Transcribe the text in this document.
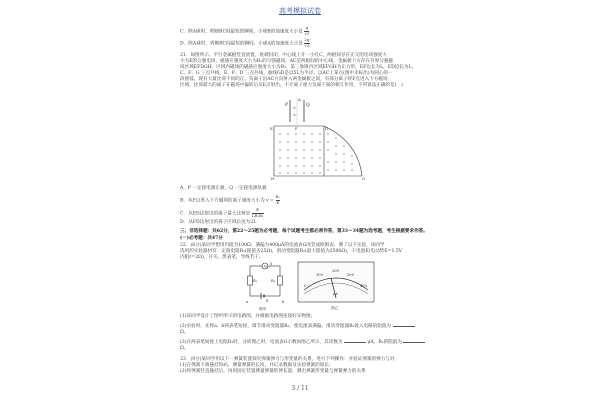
高考模拟试卷
C．除A球时，剪断BC间最短的瞬间，小球B的加速度大小是 $\frac{g}{√3}$
D．除A球时，剪断BC间最短的瞬间，小球A的加速度大小是 $\frac{2g}{√3}$
21．如图所示，平行金属板竖直放置，底端封闭，中心线上开一小孔C，两板间存在正交的电场强度大
小为E的匀强电场，磁感应强度大小为B₁的匀强磁场，AC是两板间的中心线，金属板下方存在有界匀强磁
场区域EFDGH，区域内磁场的磁感应强度大小为B₂，第三象限内区域EFGH为正方形，EF边长为L，ED边长为L，
C、F、G 三点共线，E、F、D 三点共线，曲线GD是以5L为半径、以AC上某点(图中未标出)为圆心的一
段圆弧，现有大量比荷不同的正、负离子沿AC方向射入两金属板之间，有部分离子经F点进入下方磁场
区域，比荷最大的离子在磁场中偏转后从E点射出，不计离子重力及离子间的相互作用，下列说法正确的是(　)
P	Q
A
×
×
E	F	D
H	G
A．P 一定接电源正极，Q 一定接电源负极
B．从F点进入下方磁场的离子速度大小为 $v = \frac{\text{B₁}}{E}$
C．从ED边射出的离子最大比荷是 $\frac{E}{\text{LB₁B₂}}$
D．从FD边射出的离子区域长度为2L
三、非选择题：共62分，第22～25题为必考题，每个试题考生都必须作答，第33～34题为选考题，考生根据要求作答。
(一)必考题：共47分
22．(6分)某同学想用内阻为100Ω、满偏为400μA的电流表G改装成欧姆表，测了以下实验，该同学
选用的实验器材有：定值电阻R₁(阻值为25Ω)，滑动变阻器R₂(最大阻值为2500Ω)，干电池E(电动势E=1.5V
内阻r=2Ω)，开关，黑表笔，导线若干。
G
R₁	R₂
E
a	b
S
图甲
0
100
200
300
400
μA
图乙
(1)该同学设计了图甲所示的电路图，并根据电路图连接好实物图；
(2)实验时，先将a、b两表笔短接，调节滑动变阻器R₂，使电流表满偏，滑动变阻器R₂接入电路的阻值为
Ω。
(3)在两表笔间接上电阻R₁时，分析图乙时，电流表G示数如图乙所示，其读数为	μA，R₁的阻值为
Ω。
23．(9分)某同学用以下一弹簧装置探究弹簧弹力与形变量的关系，进行下列操作：并验证弹簧的弹力与对
(1)在弹簧下端悬挂钩码，测量弹簧的长度，并记录数据及实验弹簧的原长；
(2)将弹簧竖直悬挂后，再用固定装置测量弹簧的伸长量，测出弹簧形变量与弹簧弹力的关系
3 / 11
